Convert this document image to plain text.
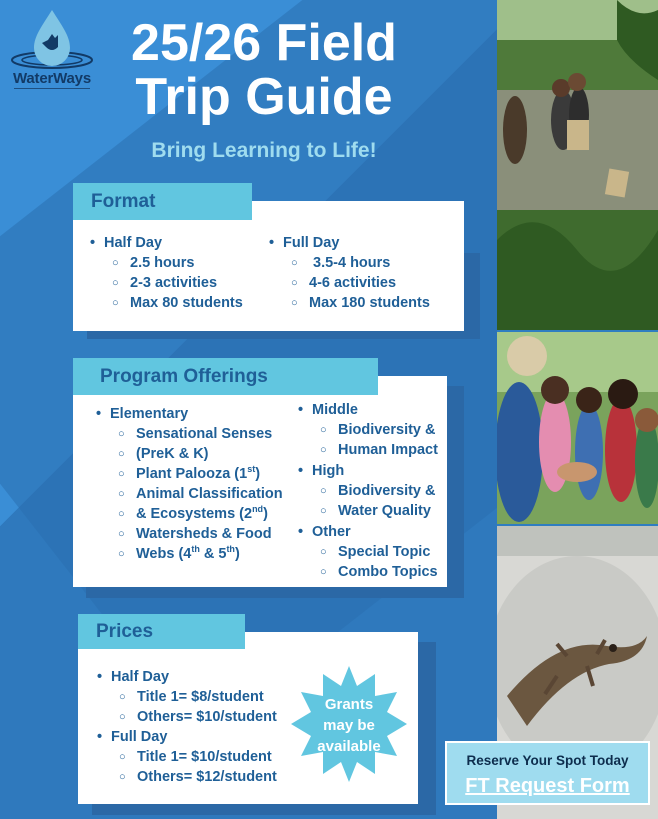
WaterWays
25/26 Field
Trip Guide
Bring Learning to Life!
Format
• Half Day
○ 2.5 hours
○ 2-3 activities
○ Max 80 students
• Full Day
○ 3.5-4 hours
○ 4-6 activities
○ Max 180 students
Program Offerings
• Elementary
○ Sensational Senses
○ (PreK & K)
○ Plant Palooza (1st)
○ Animal Classification
○ & Ecosystems (2nd)
○ Watersheds & Food
○ Webs (4th & 5th)
• Middle
○ Biodiversity &
○ Human Impact
• High
○ Biodiversity &
○ Water Quality
• Other
○ Special Topic
○ Combo Topics
Prices
• Half Day
○ Title 1= $8/student
○ Others= $10/student
• Full Day
○ Title 1= $10/student
○ Others= $12/student
Grants
may be
available
Reserve Your Spot Today
FT Request Form
